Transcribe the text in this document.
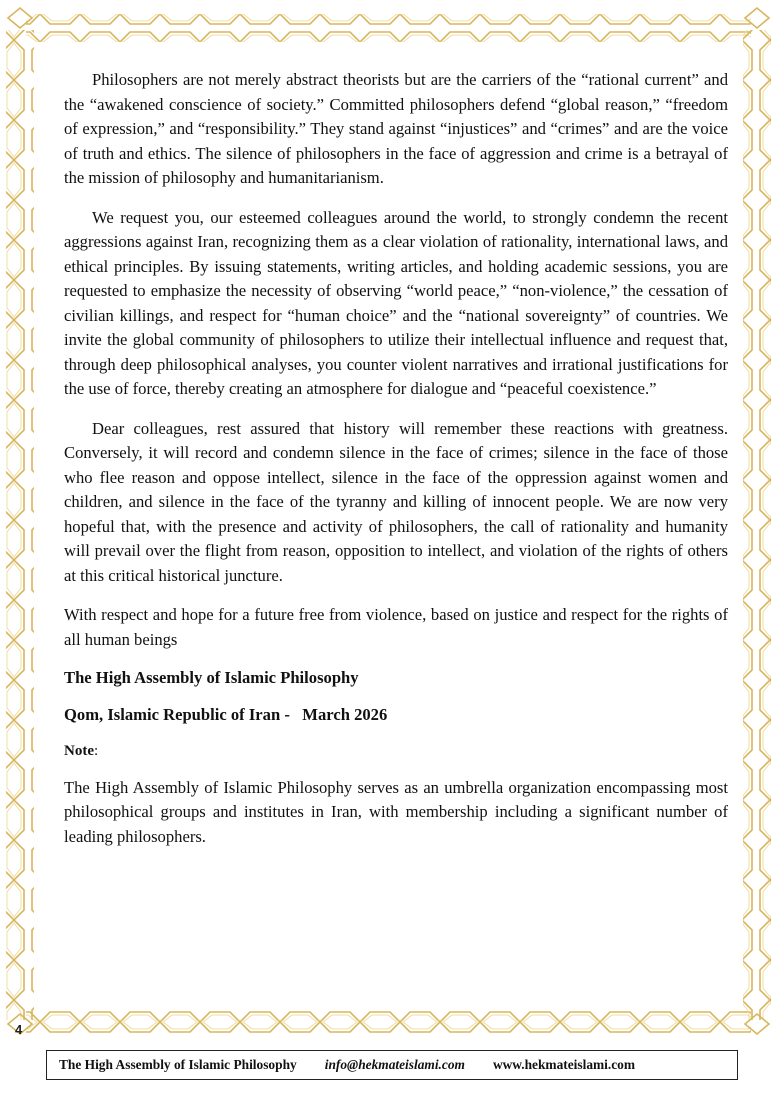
Philosophers are not merely abstract theorists but are the carriers of the “rational current” and the “awakened conscience of society.” Committed philosophers defend “global reason,” “freedom of expression,” and “responsibility.” They stand against “injustices” and “crimes” and are the voice of truth and ethics. The silence of philosophers in the face of aggression and crime is a betrayal of the mission of philosophy and humanitarianism.

We request you, our esteemed colleagues around the world, to strongly condemn the recent aggressions against Iran, recognizing them as a clear violation of rationality, international laws, and ethical principles. By issuing statements, writing articles, and holding academic sessions, you are requested to emphasize the necessity of observing “world peace,” “non-violence,” the cessation of civilian killings, and respect for “human choice” and the “national sovereignty” of countries. We invite the global community of philosophers to utilize their intellectual influence and request that, through deep philosophical analyses, you counter violent narratives and irrational justifications for the use of force, thereby creating an atmosphere for dialogue and “peaceful coexistence.”

Dear colleagues, rest assured that history will remember these reactions with greatness. Conversely, it will record and condemn silence in the face of crimes; silence in the face of those who flee reason and oppose intellect, silence in the face of the oppression against women and children, and silence in the face of the tyranny and killing of innocent people. We are now very hopeful that, with the presence and activity of philosophers, the call of rationality and humanity will prevail over the flight from reason, opposition to intellect, and violation of the rights of others at this critical historical juncture.

With respect and hope for a future free from violence, based on justice and respect for the rights of all human beings

The High Assembly of Islamic Philosophy

Qom, Islamic Republic of Iran -   March 2026

Note:

The High Assembly of Islamic Philosophy serves as an umbrella organization encompassing most philosophical groups and institutes in Iran, with membership including a significant number of leading philosophers.

4
The High Assembly of Islamic Philosophy info@hekmateislami.com www.hekmateislami.com
